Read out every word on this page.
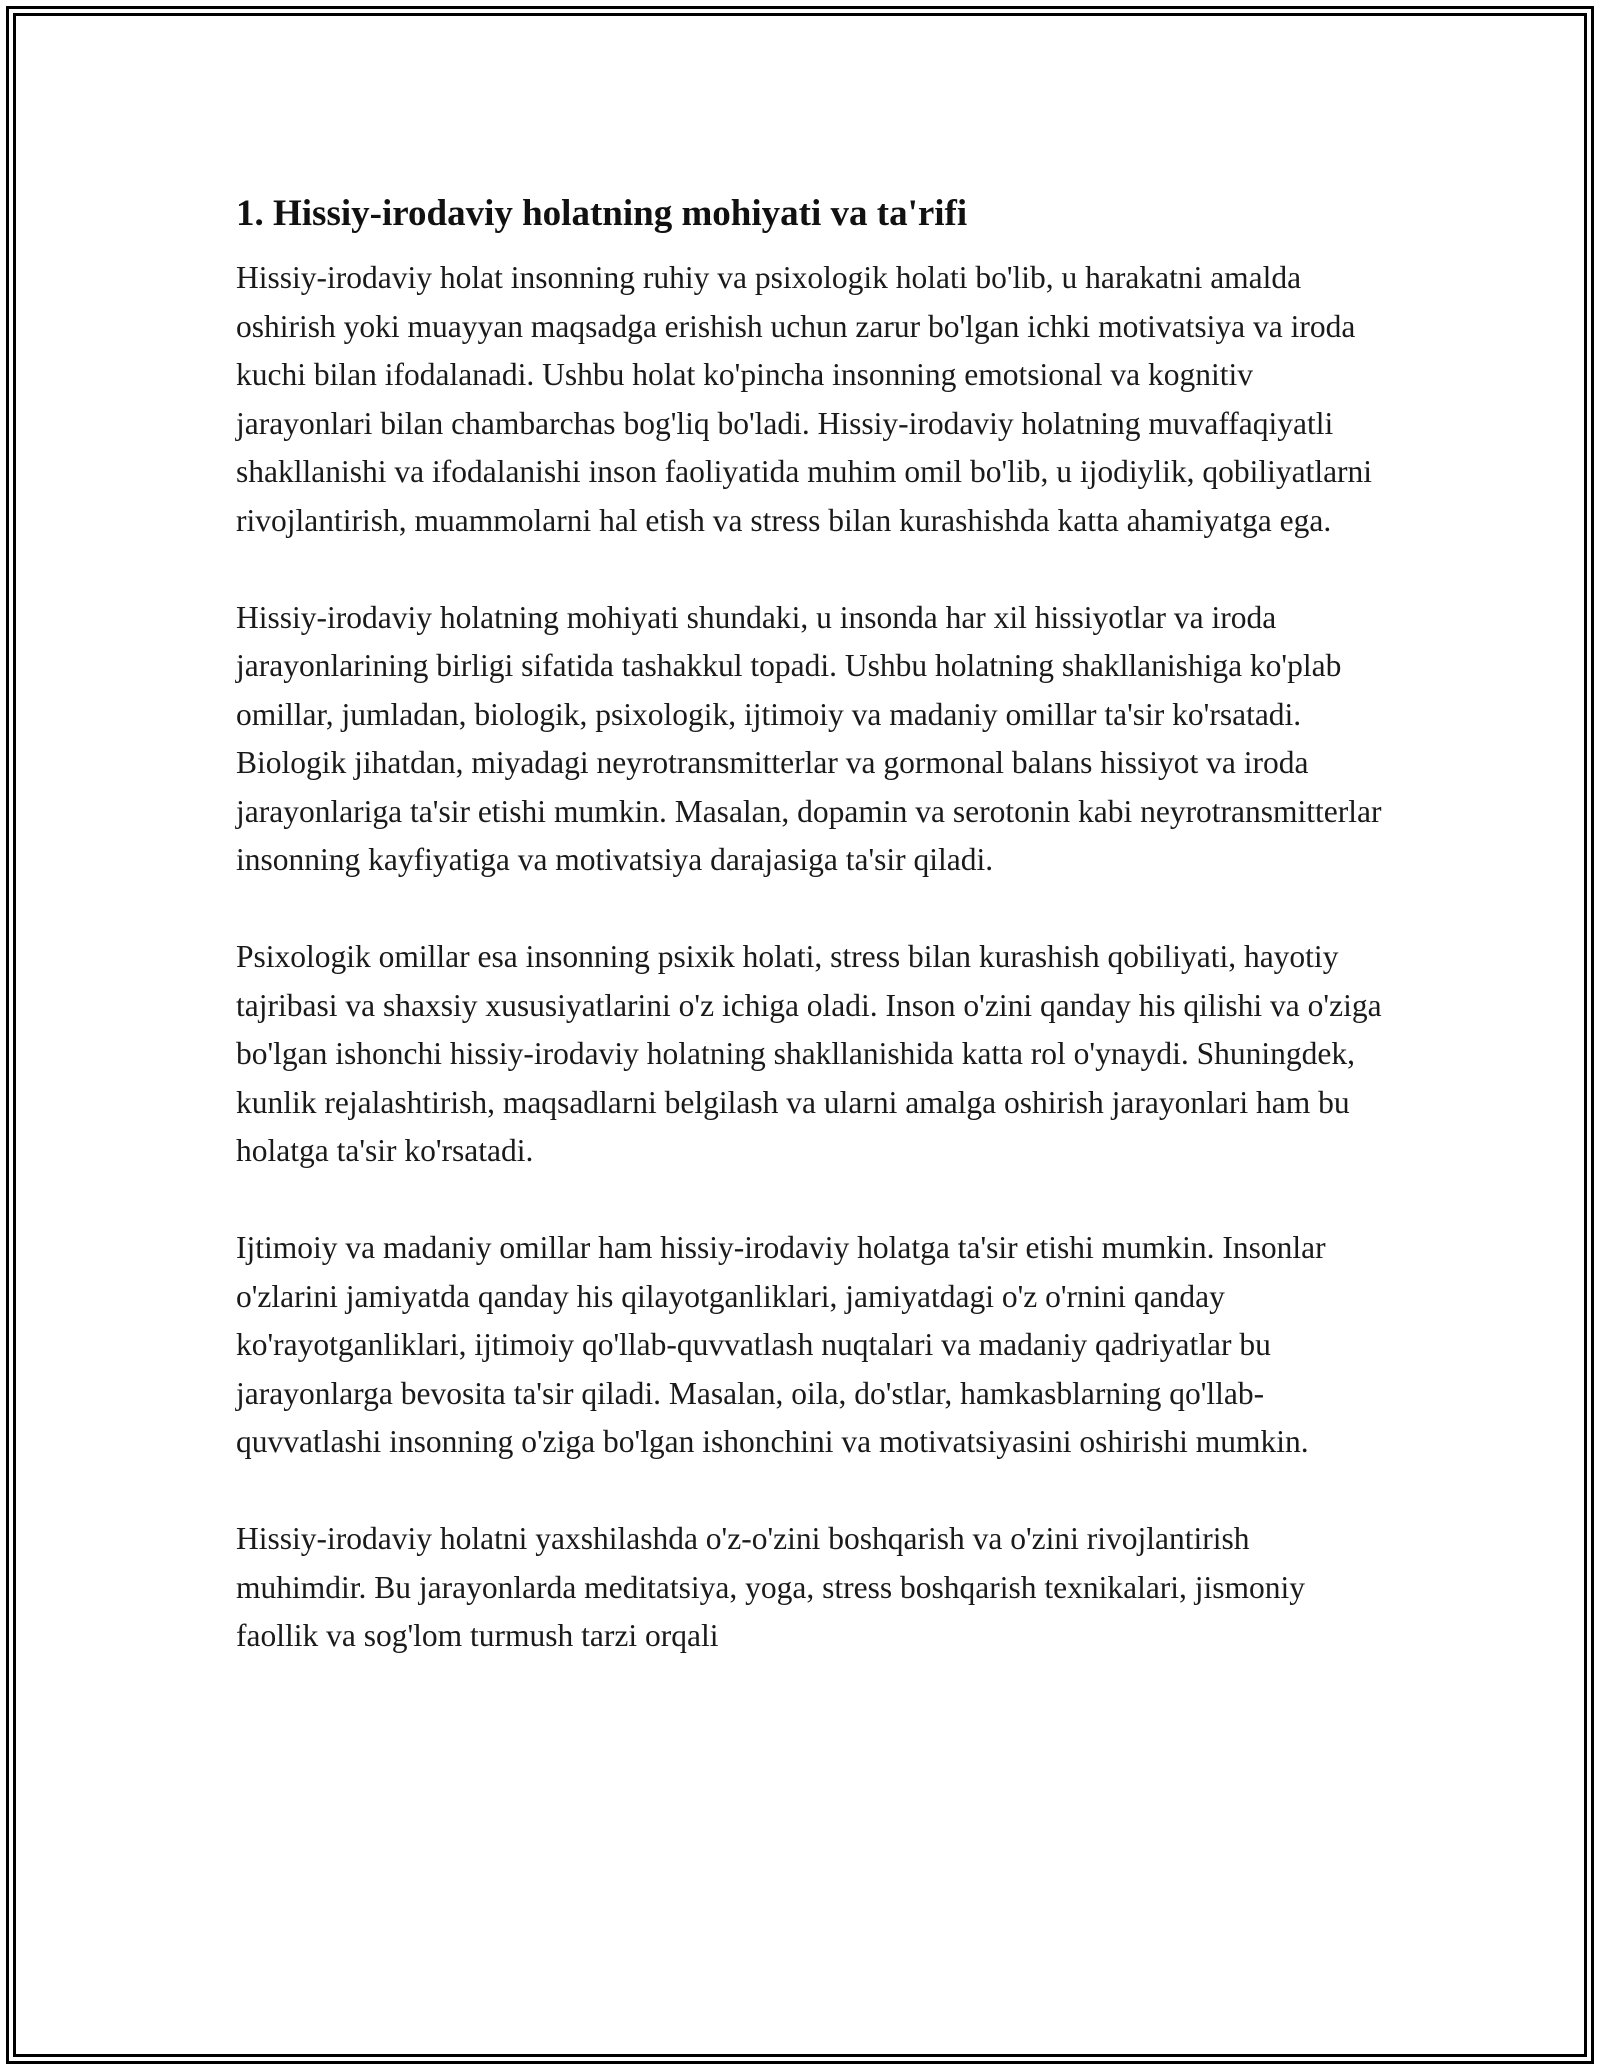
1. Hissiy-irodaviy holatning mohiyati va ta'rifi

Hissiy-irodaviy holat insonning ruhiy va psixologik holati bo'lib, u harakatni amalda oshirish yoki muayyan maqsadga erishish uchun zarur bo'lgan ichki motivatsiya va iroda kuchi bilan ifodalanadi. Ushbu holat ko'pincha insonning emotsional va kognitiv jarayonlari bilan chambarchas bog'liq bo'ladi. Hissiy-irodaviy holatning muvaffaqiyatli shakllanishi va ifodalanishi inson faoliyatida muhim omil bo'lib, u ijodiylik, qobiliyatlarni rivojlantirish, muammolarni hal etish va stress bilan kurashishda katta ahamiyatga ega.

Hissiy-irodaviy holatning mohiyati shundaki, u insonda har xil hissiyotlar va iroda jarayonlarining birligi sifatida tashakkul topadi. Ushbu holatning shakllanishiga ko'plab omillar, jumladan, biologik, psixologik, ijtimoiy va madaniy omillar ta'sir ko'rsatadi. Biologik jihatdan, miyadagi neyrotransmitterlar va gormonal balans hissiyot va iroda jarayonlariga ta'sir etishi mumkin. Masalan, dopamin va serotonin kabi neyrotransmitterlar insonning kayfiyatiga va motivatsiya darajasiga ta'sir qiladi.

Psixologik omillar esa insonning psixik holati, stress bilan kurashish qobiliyati, hayotiy tajribasi va shaxsiy xususiyatlarini o'z ichiga oladi. Inson o'zini qanday his qilishi va o'ziga bo'lgan ishonchi hissiy-irodaviy holatning shakllanishida katta rol o'ynaydi. Shuningdek, kunlik rejalashtirish, maqsadlarni belgilash va ularni amalga oshirish jarayonlari ham bu holatga ta'sir ko'rsatadi.

Ijtimoiy va madaniy omillar ham hissiy-irodaviy holatga ta'sir etishi mumkin. Insonlar o'zlarini jamiyatda qanday his qilayotganliklari, jamiyatdagi o'z o'rnini qanday ko'rayotganliklari, ijtimoiy qo'llab-quvvatlash nuqtalari va madaniy qadriyatlar bu jarayonlarga bevosita ta'sir qiladi. Masalan, oila, do'stlar, hamkasblarning qo'llab-quvvatlashi insonning o'ziga bo'lgan ishonchini va motivatsiyasini oshirishi mumkin.

Hissiy-irodaviy holatni yaxshilashda o'z-o'zini boshqarish va o'zini rivojlantirish muhimdir. Bu jarayonlarda meditatsiya, yoga, stress boshqarish texnikalari, jismoniy faollik va sog'lom turmush tarzi orqali
